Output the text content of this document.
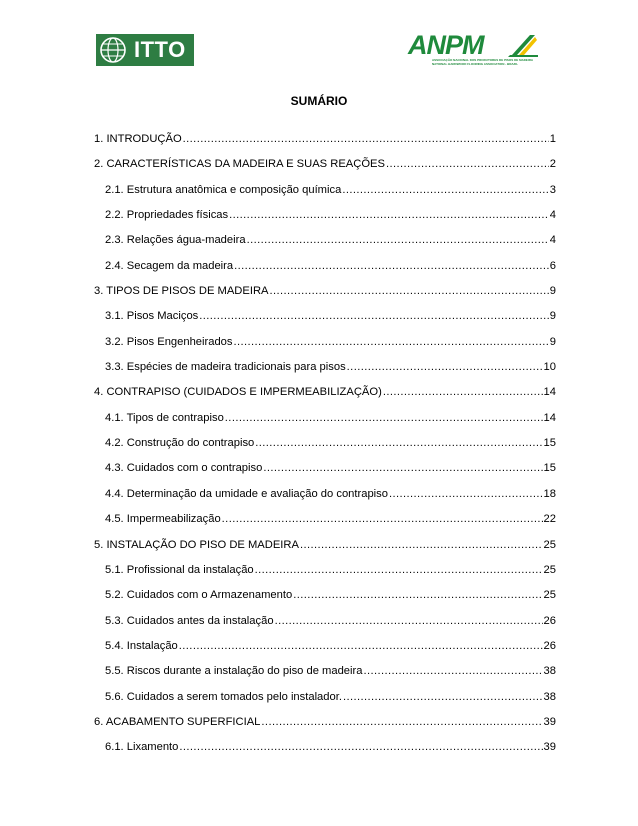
ITTO	ANPM
ASSOCIAÇÃO NACIONAL DOS PRODUTORES DE PISOS DE MADEIRA
NATIONAL HARDWOOD FLOORING ASSOCIATION - BRAZIL
SUMÁRIO
1. INTRODUÇÃO .....	1
2. CARACTERÍSTICAS DA MADEIRA E SUAS REAÇÕES .....	2
2.1. Estrutura anatômica e composição química .....	3
2.2. Propriedades físicas .....	4
2.3. Relações água-madeira .....	4
2.4. Secagem da madeira .....	6
3. TIPOS DE PISOS DE MADEIRA .....	9
3.1. Pisos Maciços .....	9
3.2. Pisos Engenheirados .....	9
3.3. Espécies de madeira tradicionais para pisos .....	10
4. CONTRAPISO (CUIDADOS E IMPERMEABILIZAÇÃO) .....	14
4.1. Tipos de contrapiso .....	14
4.2. Construção do contrapiso .....	15
4.3. Cuidados com o contrapiso .....	15
4.4. Determinação da umidade e avaliação do contrapiso .....	18
4.5. Impermeabilização .....	22
5. INSTALAÇÃO DO PISO DE MADEIRA .....	25
5.1. Profissional da instalação .....	25
5.2. Cuidados com o Armazenamento .....	25
5.3. Cuidados antes da instalação .....	26
5.4. Instalação .....	26
5.5. Riscos durante a instalação do piso de madeira .....	38
5.6. Cuidados a serem tomados pelo instalador. .....	38
6. ACABAMENTO SUPERFICIAL .....	39
6.1. Lixamento .....	39
